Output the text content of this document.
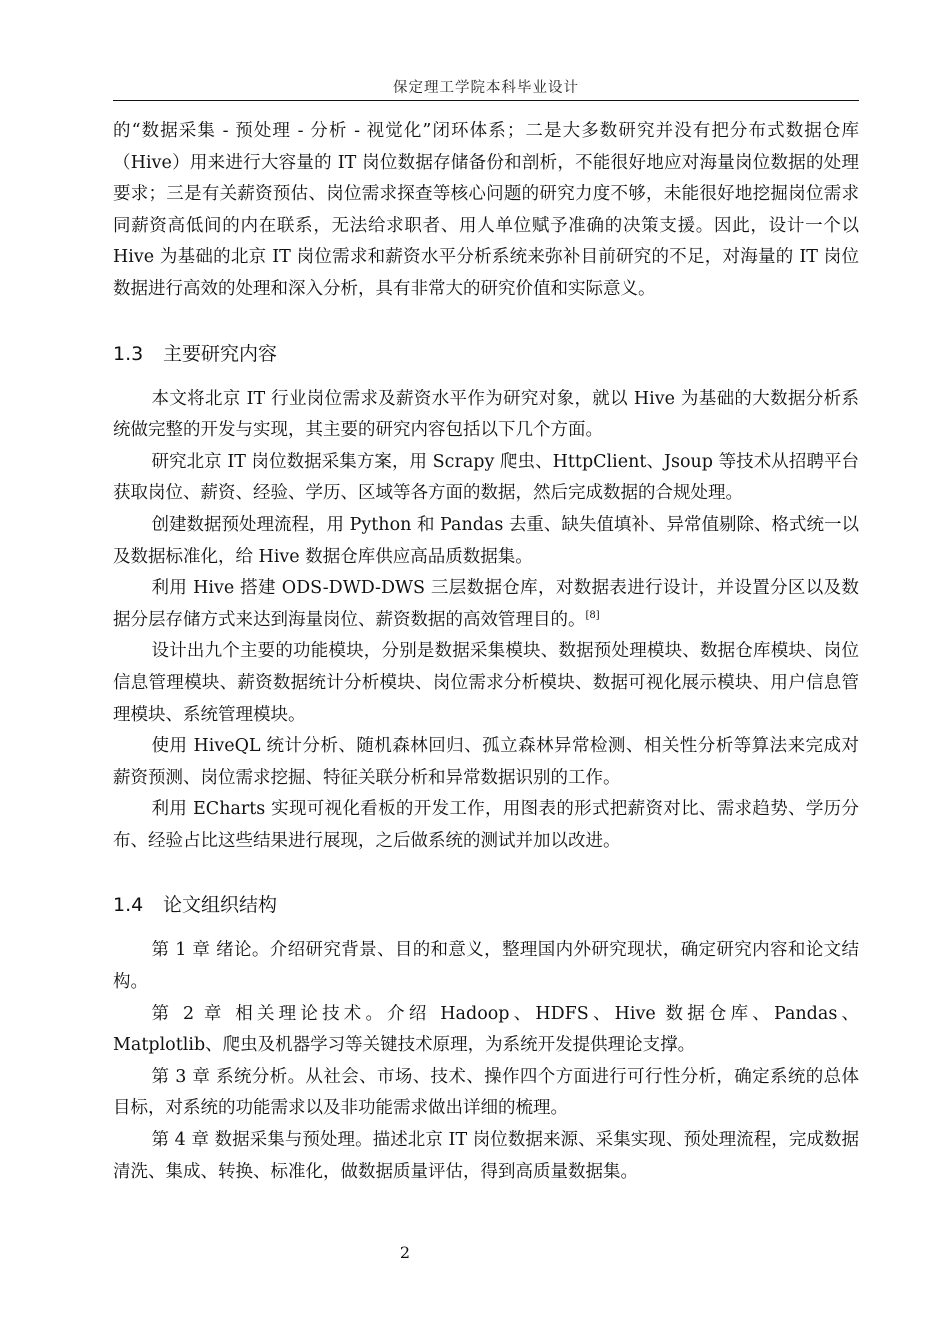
保定理工学院本科毕业设计

的“数据采集 - 预处理 - 分析 - 视觉化”闭环体系；二是大多数研究并没有把分布式数据仓库（Hive）用来进行大容量的 IT 岗位数据存储备份和剖析，不能很好地应对海量岗位数据的处理要求；三是有关薪资预估、岗位需求探查等核心问题的研究力度不够，未能很好地挖掘岗位需求同薪资高低间的内在联系，无法给求职者、用人单位赋予准确的决策支援。因此，设计一个以 Hive 为基础的北京 IT 岗位需求和薪资水平分析系统来弥补目前研究的不足，对海量的 IT 岗位数据进行高效的处理和深入分析，具有非常大的研究价值和实际意义。

1.3 主要研究内容

本文将北京 IT 行业岗位需求及薪资水平作为研究对象，就以 Hive 为基础的大数据分析系统做完整的开发与实现，其主要的研究内容包括以下几个方面。

研究北京 IT 岗位数据采集方案，用 Scrapy 爬虫、HttpClient、Jsoup 等技术从招聘平台获取岗位、薪资、经验、学历、区域等各方面的数据，然后完成数据的合规处理。

创建数据预处理流程，用 Python 和 Pandas 去重、缺失值填补、异常值剔除、格式统一以及数据标准化，给 Hive 数据仓库供应高品质数据集。

利用 Hive 搭建 ODS-DWD-DWS 三层数据仓库，对数据表进行设计，并设置分区以及数据分层存储方式来达到海量岗位、薪资数据的高效管理目的。[8]

设计出九个主要的功能模块，分别是数据采集模块、数据预处理模块、数据仓库模块、岗位信息管理模块、薪资数据统计分析模块、岗位需求分析模块、数据可视化展示模块、用户信息管理模块、系统管理模块。

使用 HiveQL 统计分析、随机森林回归、孤立森林异常检测、相关性分析等算法来完成对薪资预测、岗位需求挖掘、特征关联分析和异常数据识别的工作。

利用 ECharts 实现可视化看板的开发工作，用图表的形式把薪资对比、需求趋势、学历分布、经验占比这些结果进行展现，之后做系统的测试并加以改进。

1.4 论文组织结构

第 1 章 绪论。介绍研究背景、目的和意义，整理国内外研究现状，确定研究内容和论文结构。

第 2 章 相关理论技术。介绍 Hadoop、HDFS、Hive 数据仓库、Pandas、Matplotlib、爬虫及机器学习等关键技术原理，为系统开发提供理论支撑。

第 3 章 系统分析。从社会、市场、技术、操作四个方面进行可行性分析，确定系统的总体目标，对系统的功能需求以及非功能需求做出详细的梳理。

第 4 章 数据采集与预处理。描述北京 IT 岗位数据来源、采集实现、预处理流程，完成数据清洗、集成、转换、标准化，做数据质量评估，得到高质量数据集。

2
